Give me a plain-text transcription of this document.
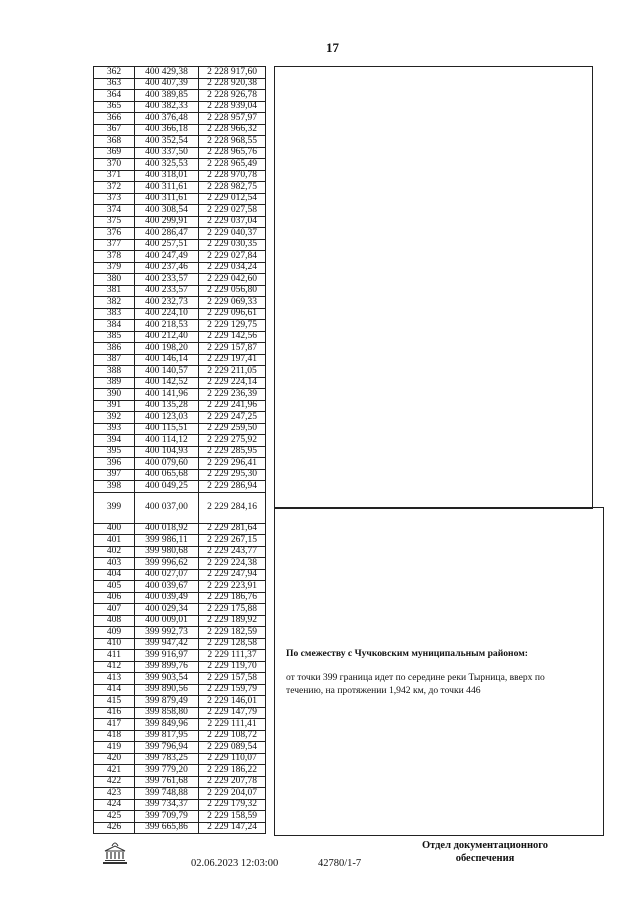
17
362	400 429,38	2 228 917,60
363	400 407,39	2 228 920,38
364	400 389,85	2 228 926,78
365	400 382,33	2 228 939,04
366	400 376,48	2 228 957,97
367	400 366,18	2 228 966,32
368	400 352,54	2 228 968,55
369	400 337,50	2 228 965,76
370	400 325,53	2 228 965,49
371	400 318,01	2 228 970,78
372	400 311,61	2 228 982,75
373	400 311,61	2 229 012,54
374	400 308,54	2 229 027,58
375	400 299,91	2 229 037,04
376	400 286,47	2 229 040,37
377	400 257,51	2 229 030,35
378	400 247,49	2 229 027,84
379	400 237,46	2 229 034,24
380	400 233,57	2 229 042,60
381	400 233,57	2 229 056,80
382	400 232,73	2 229 069,33
383	400 224,10	2 229 096,61
384	400 218,53	2 229 129,75
385	400 212,40	2 229 142,56
386	400 198,20	2 229 157,87
387	400 146,14	2 229 197,41
388	400 140,57	2 229 211,05
389	400 142,52	2 229 224,14
390	400 141,96	2 229 236,39
391	400 135,28	2 229 241,96
392	400 123,03	2 229 247,25
393	400 115,51	2 229 259,50
394	400 114,12	2 229 275,92
395	400 104,93	2 229 285,95
396	400 079,60	2 229 296,41
397	400 065,68	2 229 295,30
398	400 049,25	2 229 286,94
399	400 037,00	2 229 284,16
400	400 018,92	2 229 281,64
401	399 986,11	2 229 267,15
402	399 980,68	2 229 243,77
403	399 996,62	2 229 224,38
404	400 027,07	2 229 247,94
405	400 039,67	2 229 223,91
406	400 039,49	2 229 186,76
407	400 029,34	2 229 175,88
408	400 009,01	2 229 189,92
409	399 992,73	2 229 182,59
410	399 947,42	2 229 128,58
411	399 916,97	2 229 111,37
412	399 899,76	2 229 119,70
413	399 903,54	2 229 157,58
414	399 890,56	2 229 159,79
415	399 879,49	2 229 146,01
416	399 858,80	2 229 147,79
417	399 849,96	2 229 111,41
418	399 817,95	2 229 108,72
419	399 796,94	2 229 089,54
420	399 783,25	2 229 110,07
421	399 779,20	2 229 186,22
422	399 761,68	2 229 207,78
423	399 748,88	2 229 204,07
424	399 734,37	2 229 179,32
425	399 709,79	2 229 158,59
426	399 665,86	2 229 147,24
По смежеству с Чучковским муниципальным районом:
от точки 399 граница идет по середине реки Тырница, вверх по течению, на протяжении 1,942 км, до точки 446
Отдел документационного
обеспечения
02.06.2023 12:03:00	42780/1-7
